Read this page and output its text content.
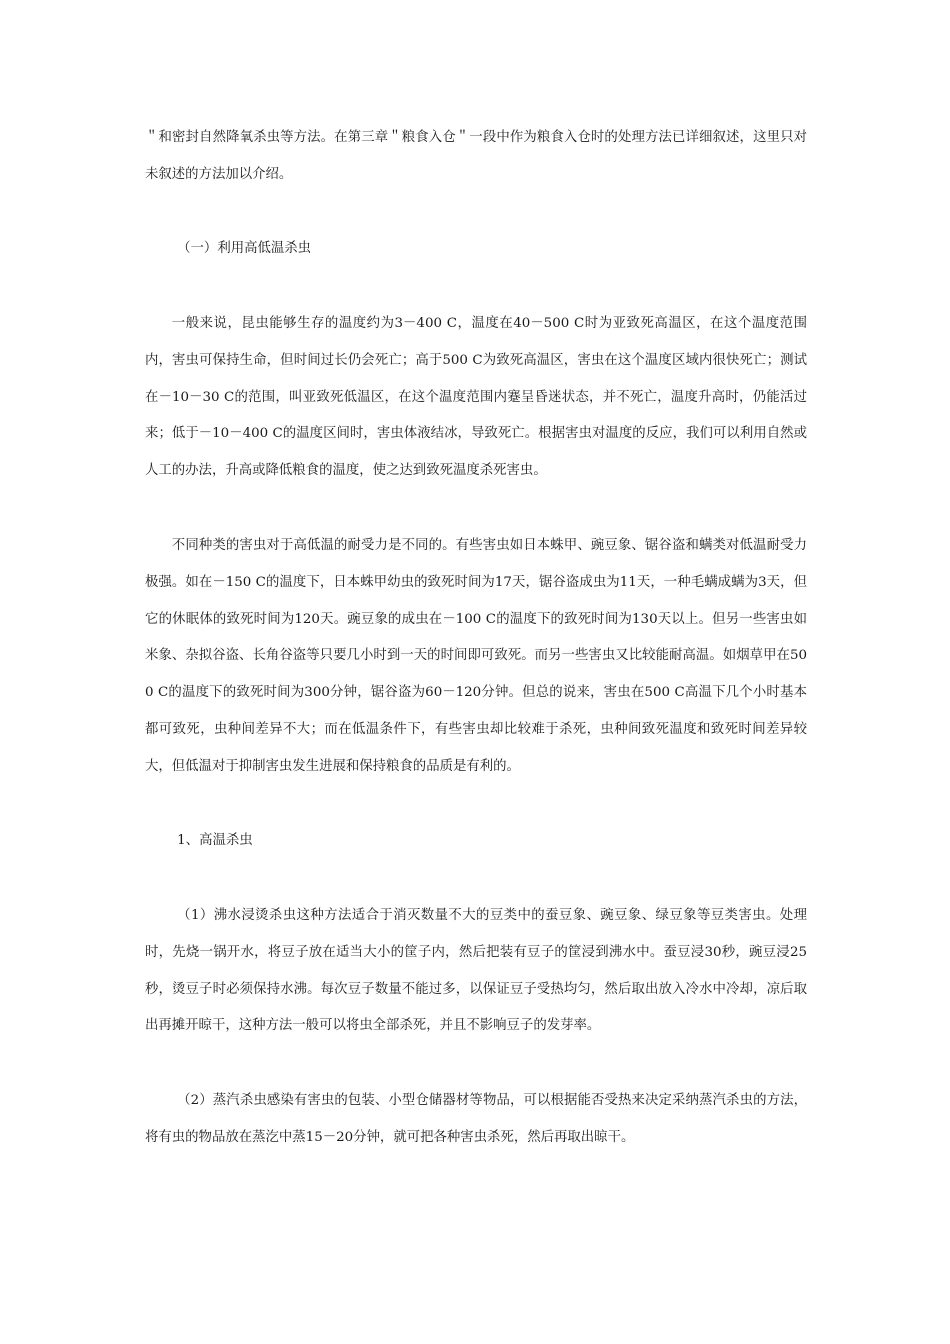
＂和密封自然降氧杀虫等方法。在第三章＂粮食入仓＂一段中作为粮食入仓时的处理方法已详细叙述，这里只对未叙述的方法加以介绍。

（一）利用高低温杀虫

一般来说，昆虫能够生存的温度约为3－400 C，温度在40－500 C时为亚致死高温区，在这个温度范围内，害虫可保持生命，但时间过长仍会死亡；高于500 C为致死高温区，害虫在这个温度区域内很快死亡；测试在－10－30 C的范围，叫亚致死低温区，在这个温度范围内蹇呈昏迷状态，并不死亡，温度升高时，仍能活过来；低于－10－400 C的温度区间时，害虫体液结冰，导致死亡。根据害虫对温度的反应，我们可以利用自然或人工的办法，升高或降低粮食的温度，使之达到致死温度杀死害虫。

不同种类的害虫对于高低温的耐受力是不同的。有些害虫如日本蛛甲、豌豆象、锯谷盗和螨类对低温耐受力极强。如在－150 C的温度下，日本蛛甲幼虫的致死时间为17天，锯谷盗成虫为11天，一种毛螨成螨为3天，但它的休眠体的致死时间为120天。豌豆象的成虫在－100 C的温度下的致死时间为130天以上。但另一些害虫如米象、杂拟谷盗、长角谷盗等只要几小时到一天的时间即可致死。而另一些害虫又比较能耐高温。如烟草甲在500 C的温度下的致死时间为300分钟，锯谷盗为60－120分钟。但总的说来，害虫在500 C高温下几个小时基本都可致死，虫种间差异不大；而在低温条件下，有些害虫却比较难于杀死，虫种间致死温度和致死时间差异较大，但低温对于抑制害虫发生进展和保持粮食的品质是有利的。

1、高温杀虫

（1）沸水浸烫杀虫这种方法适合于消灭数量不大的豆类中的蚕豆象、豌豆象、绿豆象等豆类害虫。处理时，先烧一锅开水，将豆子放在适当大小的筐子内，然后把装有豆子的筐浸到沸水中。蚕豆浸30秒，豌豆浸25秒，烫豆子时必须保持水沸。每次豆子数量不能过多，以保证豆子受热均匀，然后取出放入冷水中冷却，凉后取出再摊开晾干，这种方法一般可以将虫全部杀死，并且不影响豆子的发芽率。

（2）蒸汽杀虫感染有害虫的包装、小型仓储器材等物品，可以根据能否受热来决定采纳蒸汽杀虫的方法，将有虫的物品放在蒸汔中蒸15－20分钟，就可把各种害虫杀死，然后再取出晾干。
